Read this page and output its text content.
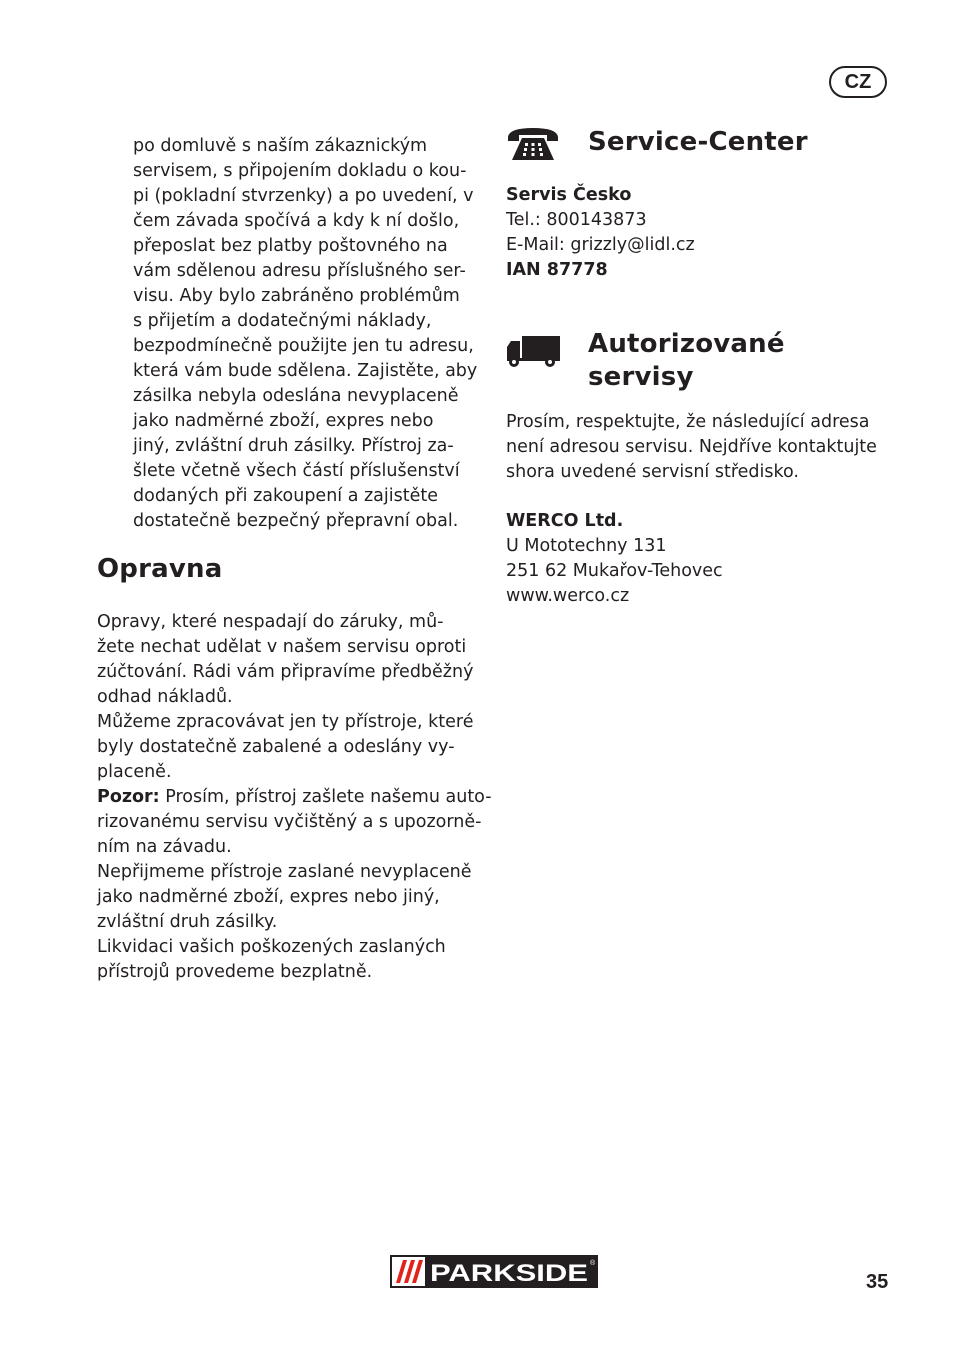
CZ
po domluvě s naším zákaznickým
servisem, s připojením dokladu o kou-
pi (pokladní stvrzenky) a po uvedení, v
čem závada spočívá a kdy k ní došlo,
přeposlat bez platby poštovného na
vám sdělenou adresu příslušného ser-
visu. Aby bylo zabráněno problémům
s přijetím a dodatečnými náklady,
bezpodmínečně použijte jen tu adresu,
která vám bude sdělena. Zajistěte, aby
zásilka nebyla odeslána nevyplaceně
jako nadměrné zboží, expres nebo
jiný, zvláštní druh zásilky. Přístroj za-
šlete včetně všech částí příslušenství
dodaných při zakoupení a zajistěte
dostatečně bezpečný přepravní obal.
Opravna
Opravy, které nespadají do záruky, mů-
žete nechat udělat v našem servisu oproti
zúčtování. Rádi vám připravíme předběžný
odhad nákladů.
Můžeme zpracovávat jen ty přístroje, které
byly dostatečně zabalené a odeslány vy-
placeně.
Pozor: Prosím, přístroj zašlete našemu auto-
rizovanému servisu vyčištěný a s upozorně-
ním na závadu.
Nepřijmeme přístroje zaslané nevyplaceně
jako nadměrné zboží, expres nebo jiný,
zvláštní druh zásilky.
Likvidaci vašich poškozených zaslaných
přístrojů provedeme bezplatně.
Service-Center
Servis Česko
Tel.: 800143873
E-Mail: grizzly@lidl.cz
IAN 87778
Autorizované
servisy
Prosím, respektujte, že následující adresa
není adresou servisu. Nejdříve kontaktujte
shora uvedené servisní středisko.
WERCO Ltd.
U Mototechny 131
251 62 Mukařov-Tehovec
www.werco.cz
PARKSIDE ®
35
